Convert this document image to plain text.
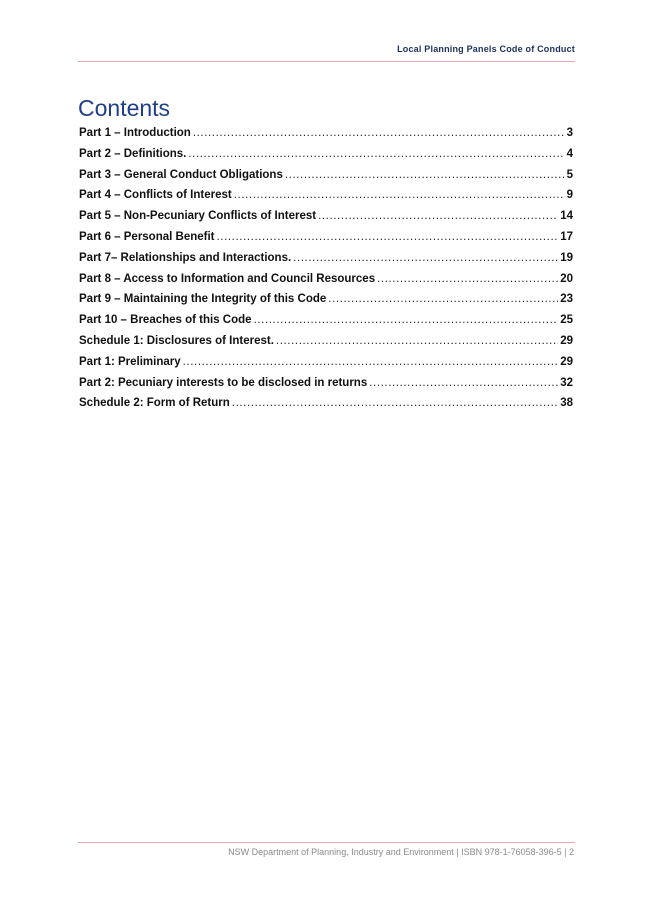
Local Planning Panels Code of Conduct
Contents
Part 1 – Introduction .....	3
Part 2 – Definitions. .....	4
Part 3 – General Conduct Obligations .....	5
Part 4 – Conflicts of Interest .....	9
Part 5 – Non-Pecuniary Conflicts of Interest .....	14
Part 6 – Personal Benefit .....	17
Part 7– Relationships and Interactions. .....	19
Part 8 – Access to Information and Council Resources .....	20
Part 9 – Maintaining the Integrity of this Code .....	23
Part 10 – Breaches of this Code .....	25
Schedule 1: Disclosures of Interest. .....	29
Part 1: Preliminary .....	29
Part 2: Pecuniary interests to be disclosed in returns .....	32
Schedule 2: Form of Return .....	38
NSW Department of Planning, Industry and Environment | ISBN 978-1-76058-396-5 | 2
